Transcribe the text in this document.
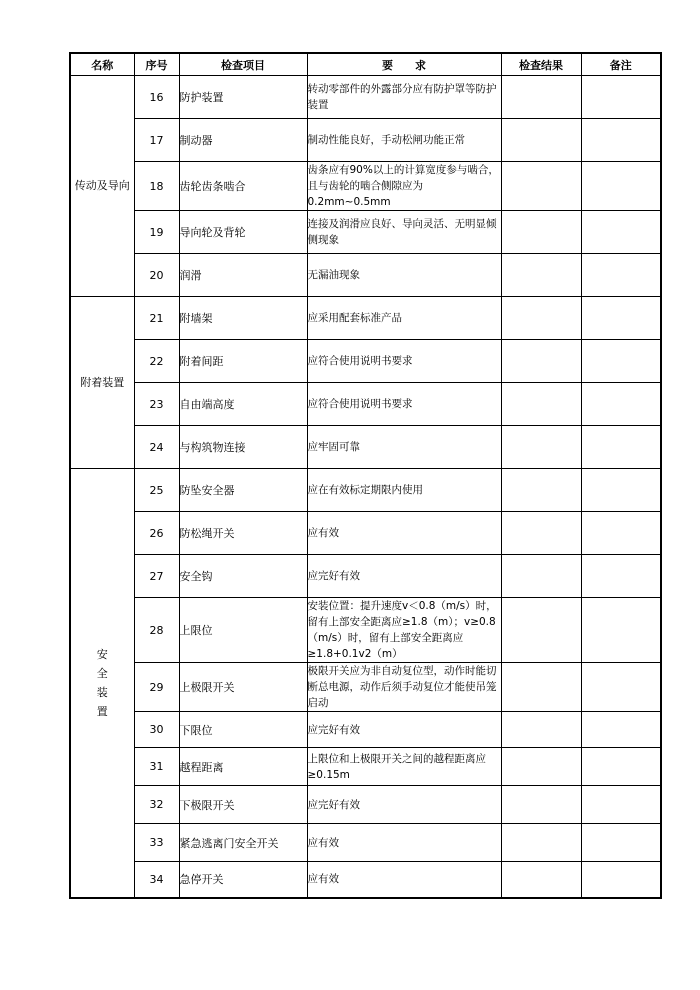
名称	序号	检查项目	要　　求	检查结果	备注
传动及导向	16	防护装置	转动零部件的外露部分应有防护罩等防护装置		
	17	制动器	制动性能良好，手动松闸功能正常		
	18	齿轮齿条啮合	齿条应有90%以上的计算宽度参与啮合，且与齿轮的啮合侧隙应为0.2mm~0.5mm		
	19	导向轮及背轮	连接及润滑应良好、导向灵活、无明显倾侧现象		
	20	润滑	无漏油现象		
附着装置	21	附墙架	应采用配套标准产品		
	22	附着间距	应符合使用说明书要求		
	23	自由端高度	应符合使用说明书要求		
	24	与构筑物连接	应牢固可靠		
安全装置	25	防坠安全器	应在有效标定期限内使用		
	26	防松绳开关	应有效		
	27	安全钩	应完好有效		
	28	上限位	安装位置：提升速度v＜0.8（m/s）时，留有上部安全距离应≥1.8（m）；v≥0.8（m/s）时，留有上部安全距离应≥1.8+0.1v2（m）		
	29	上极限开关	极限开关应为非自动复位型，动作时能切断总电源，动作后须手动复位才能使吊笼启动		
	30	下限位	应完好有效		
	31	越程距离	上限位和上极限开关之间的越程距离应≥0.15m		
	32	下极限开关	应完好有效		
	33	紧急逃离门安全开关	应有效		
	34	急停开关	应有效		
